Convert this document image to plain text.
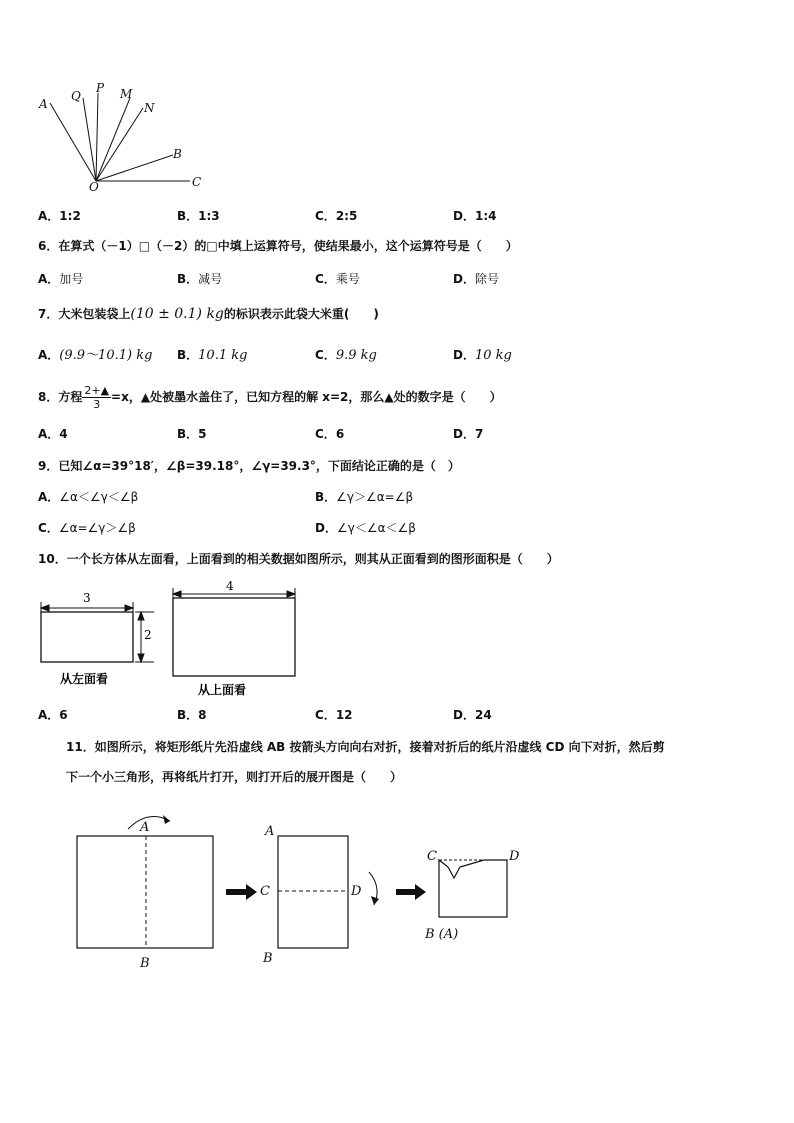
A
Q
P M
N
B
C
O
A．1:2	B．1:3	C．2:5	D．1:4
6．在算式（－1）□（－2）的□中填上运算符号，使结果最小，这个运算符号是（　　）
A．加号	B．减号	C．乘号	D．除号
7．大米包装袋上(10 ± 0.1) kg的标识表示此袋大米重(　　)
A．(9.9～10.1) kg B．10.1 kg	C．9.9 kg	D．10 kg
8．方程 $\frac{2+▲}{3} =x$，▲处被墨水盖住了，已知方程的解 x=2，那么▲处的数字是（　　）
A．4	B．5	C．6	D．7
9．已知∠α=39°18′，∠β=39.18°，∠γ=39.3°，下面结论正确的是（　）
A．∠α＜∠γ＜∠β	B．∠γ＞∠α=∠β
C．∠α=∠γ＞∠β	D．∠γ＜∠α＜∠β
10．一个长方体从左面看，上面看到的相关数据如图所示，则其从正面看到的图形面积是（　　）
3
2
从左面看
4
从上面看
A．6	B．8	C．12	D．24
11．如图所示，将矩形纸片先沿虚线 AB 按箭头方向向右对折，接着对折后的纸片沿虚线 CD 向下对折，然后剪
下一个小三角形，再将纸片打开，则打开后的展开图是（　　）
A
B
A
C	D
B
C	D
B (A)
